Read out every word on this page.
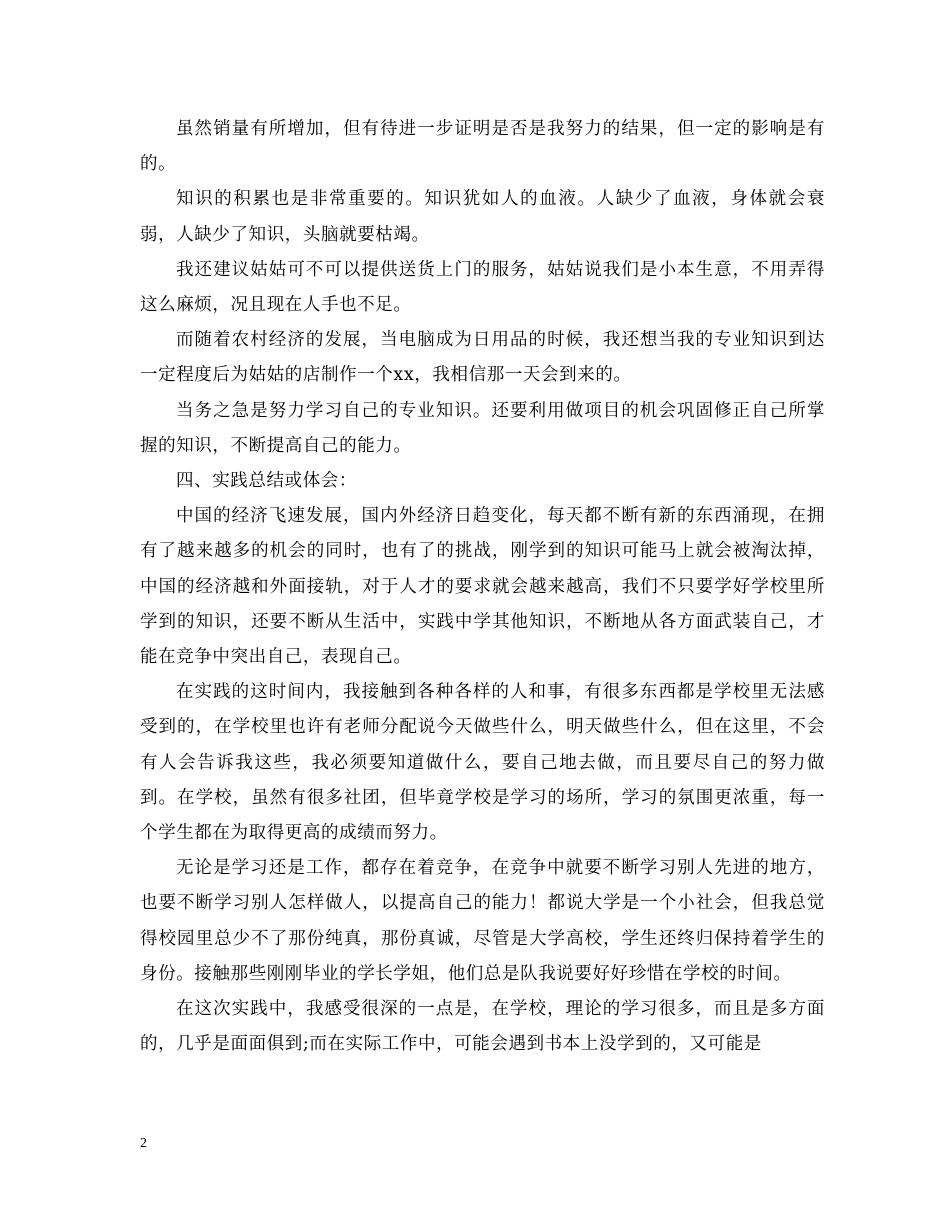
虽然销量有所增加，但有待进一步证明是否是我努力的结果，但一定的影响是有的。

知识的积累也是非常重要的。知识犹如人的血液。人缺少了血液，身体就会衰弱，人缺少了知识，头脑就要枯竭。

我还建议姑姑可不可以提供送货上门的服务，姑姑说我们是小本生意，不用弄得这么麻烦，况且现在人手也不足。

而随着农村经济的发展，当电脑成为日用品的时候，我还想当我的专业知识到达一定程度后为姑姑的店制作一个xx，我相信那一天会到来的。

当务之急是努力学习自己的专业知识。还要利用做项目的机会巩固修正自己所掌握的知识，不断提高自己的能力。

四、实践总结或体会：

中国的经济飞速发展，国内外经济日趋变化，每天都不断有新的东西涌现，在拥有了越来越多的机会的同时，也有了的挑战，刚学到的知识可能马上就会被淘汰掉，中国的经济越和外面接轨，对于人才的要求就会越来越高，我们不只要学好学校里所学到的知识，还要不断从生活中，实践中学其他知识，不断地从各方面武装自己，才能在竞争中突出自己，表现自己。

在实践的这时间内，我接触到各种各样的人和事，有很多东西都是学校里无法感受到的，在学校里也许有老师分配说今天做些什么，明天做些什么，但在这里，不会有人会告诉我这些，我必须要知道做什么，要自己地去做，而且要尽自己的努力做到。在学校，虽然有很多社团，但毕竟学校是学习的场所，学习的氛围更浓重，每一个学生都在为取得更高的成绩而努力。

无论是学习还是工作，都存在着竞争，在竞争中就要不断学习别人先进的地方，也要不断学习别人怎样做人，以提高自己的能力！都说大学是一个小社会，但我总觉得校园里总少不了那份纯真，那份真诚，尽管是大学高校，学生还终归保持着学生的身份。接触那些刚刚毕业的学长学姐，他们总是队我说要好好珍惜在学校的时间。

在这次实践中，我感受很深的一点是，在学校，理论的学习很多，而且是多方面的，几乎是面面俱到;而在实际工作中，可能会遇到书本上没学到的，又可能是

2
